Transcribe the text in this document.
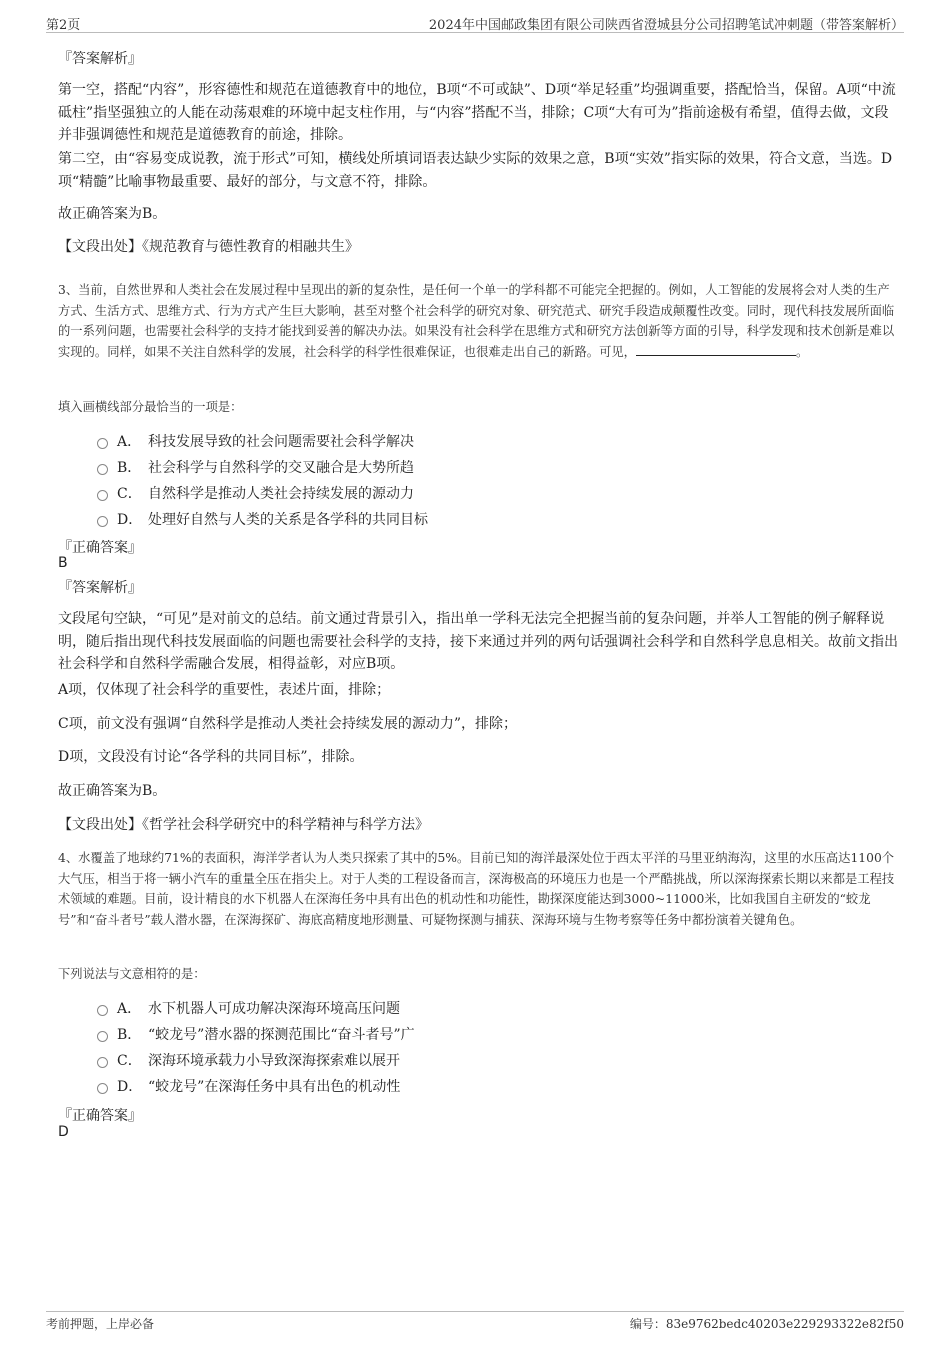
第2页	2024年中国邮政集团有限公司陕西省澄城县分公司招聘笔试冲刺题（带答案解析）
『答案解析』

第一空，搭配“内容”，形容德性和规范在道德教育中的地位，B项“不可或缺”、D项“举足轻重”均强调重要，搭配恰当，保留。A项“中流砥柱”指坚强独立的人能在动荡艰难的环境中起支柱作用，与“内容”搭配不当，排除；C项“大有可为”指前途极有希望，值得去做，文段并非强调德性和规范是道德教育的前途，排除。

第二空，由“容易变成说教，流于形式”可知，横线处所填词语表达缺少实际的效果之意，B项“实效”指实际的效果，符合文意，当选。D项“精髓”比喻事物最重要、最好的部分，与文意不符，排除。

故正确答案为B。
【文段出处】《规范教育与德性教育的相融共生》

3、当前，自然世界和人类社会在发展过程中呈现出的新的复杂性，是任何一个单一的学科都不可能完全把握的。例如，人工智能的发展将会对人类的生产方式、生活方式、思维方式、行为方式产生巨大影响，甚至对整个社会科学的研究对象、研究范式、研究手段造成颠覆性改变。同时，现代科技发展所面临的一系列问题，也需要社会科学的支持才能找到妥善的解决办法。如果没有社会科学在思维方式和研究方法创新等方面的引导，科学发现和技术创新是难以实现的。同样，如果不关注自然科学的发展，社会科学的科学性很难保证，也很难走出自己的新路。可见，	。

填入画横线部分最恰当的一项是：
A． 科技发展导致的社会问题需要社会科学解决
B． 社会科学与自然科学的交叉融合是大势所趋
C． 自然科学是推动人类社会持续发展的源动力
D． 处理好自然与人类的关系是各学科的共同目标
『正确答案』
B
『答案解析』

文段尾句空缺，“可见”是对前文的总结。前文通过背景引入，指出单一学科无法完全把握当前的复杂问题，并举人工智能的例子解释说明，随后指出现代科技发展面临的问题也需要社会科学的支持，接下来通过并列的两句话强调社会科学和自然科学息息相关。故前文指出社会科学和自然科学需融合发展，相得益彰，对应B项。

A项，仅体现了社会科学的重要性，表述片面，排除；
C项，前文没有强调“自然科学是推动人类社会持续发展的源动力”，排除；
D项，文段没有讨论“各学科的共同目标”，排除。
故正确答案为B。
【文段出处】《哲学社会科学研究中的科学精神与科学方法》

4、水覆盖了地球约71%的表面积，海洋学者认为人类只探索了其中的5%。目前已知的海洋最深处位于西太平洋的马里亚纳海沟，这里的水压高达1100个大气压，相当于将一辆小汽车的重量全压在指尖上。对于人类的工程设备而言，深海极高的环境压力也是一个严酷挑战，所以深海探索长期以来都是工程技术领域的难题。目前，设计精良的水下机器人在深海任务中具有出色的机动性和功能性，勘探深度能达到3000~11000米，比如我国自主研发的“蛟龙号”和“奋斗者号”载人潜水器，在深海探矿、海底高精度地形测量、可疑物探测与捕获、深海环境与生物考察等任务中都扮演着关键角色。

下列说法与文意相符的是：
A． 水下机器人可成功解决深海环境高压问题
B． “蛟龙号”潜水器的探测范围比“奋斗者号”广
C． 深海环境承载力小导致深海探索难以展开
D． “蛟龙号”在深海任务中具有出色的机动性
『正确答案』
D
考前押题，上岸必备	编号：83e9762bedc40203e229293322e82f50
